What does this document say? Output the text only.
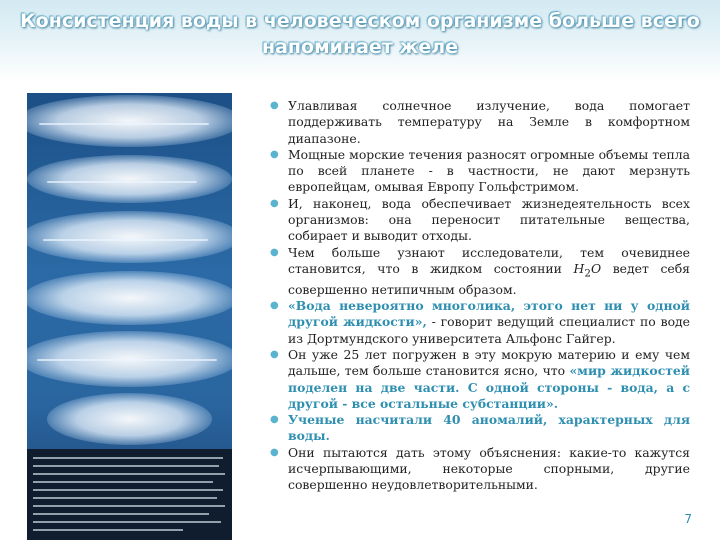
Консистенция воды в человеческом организме больше всего напоминает желе
● Улавливая солнечное излучение, вода помогает поддерживать температуру на Земле в комфортном диапазоне.
● Мощные морские течения разносят огромные объемы тепла по всей планете - в частности, не дают мерзнуть европейцам, омывая Европу Гольфстримом.
● И, наконец, вода обеспечивает жизнедеятельность всех организмов: она переносит питательные вещества, собирает и выводит отходы.
● Чем больше узнают исследователи, тем очевиднее становится, что в жидком состоянии $H_2O$ ведет себя совершенно нетипичным образом.
● «Вода невероятно многолика, этого нет ни у одной другой жидкости», - говорит ведущий специалист по воде из Дортмундского университета Альфонс Гайгер.
● Он уже 25 лет погружен в эту мокрую материю и ему чем дальше, тем больше становится ясно, что «мир жидкостей поделен на две части. С одной стороны - вода, а с другой - все остальные субстанции».
● Ученые насчитали 40 аномалий, характерных для воды.
● Они пытаются дать этому объяснения: какие-то кажутся исчерпывающими, некоторые спорными, другие совершенно неудовлетворительными.
7
